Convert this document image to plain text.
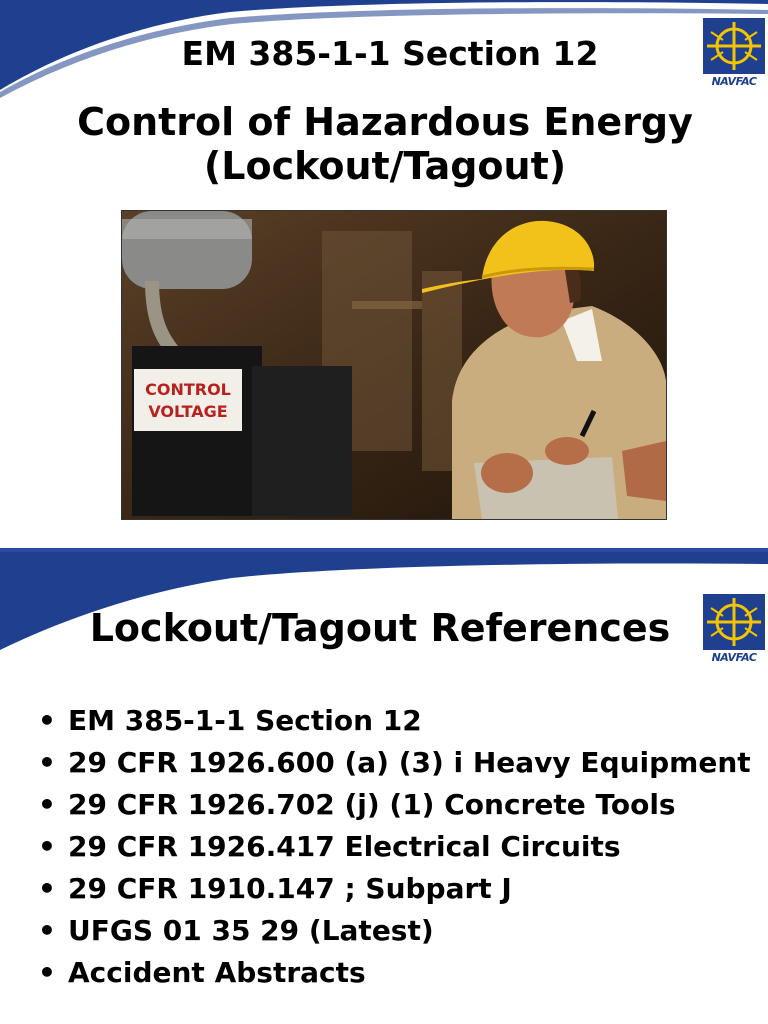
NAVFAC
EM 385-1-1 Section 12
Control of Hazardous Energy
(Lockout/Tagout)
CONTROL
VOLTAGE
NAVFAC
Lockout/Tagout References
• EM 385-1-1 Section 12
• 29 CFR 1926.600 (a) (3) i Heavy Equipment
• 29 CFR 1926.702 (j) (1) Concrete Tools
• 29 CFR 1926.417 Electrical Circuits
• 29 CFR 1910.147 ; Subpart J
• UFGS 01 35 29 (Latest)
• Accident Abstracts
